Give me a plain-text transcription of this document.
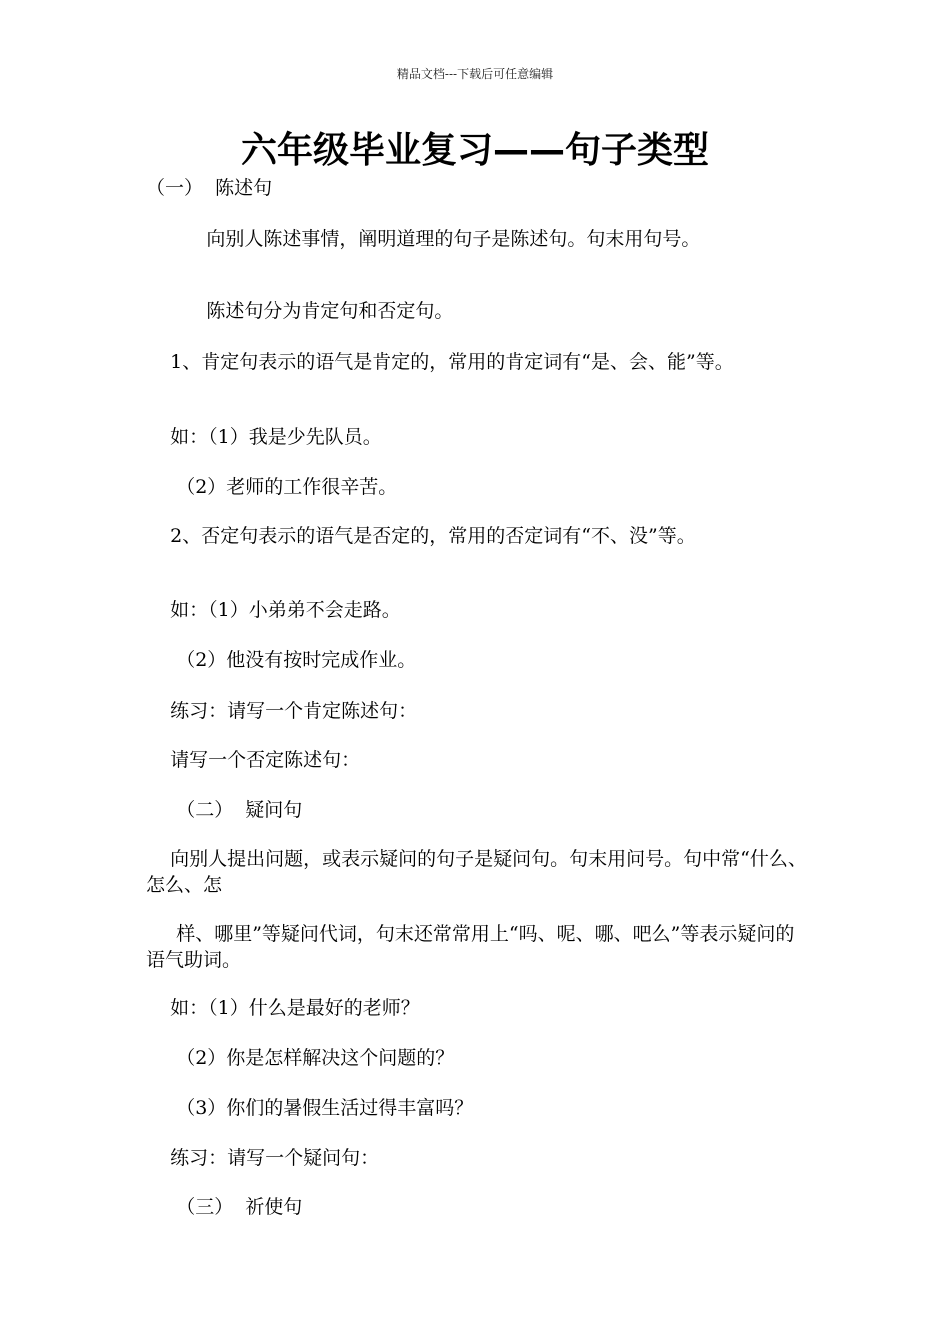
精品文档---下载后可任意编辑
六年级毕业复习——句子类型
（一）  陈述句
向别人陈述事情，阐明道理的句子是陈述句。句末用句号。
陈述句分为肯定句和否定句。
1、肯定句表示的语气是肯定的，常用的肯定词有“是、会、能”等。
如：（1）我是少先队员。
（2）老师的工作很辛苦。
2、否定句表示的语气是否定的，常用的否定词有“不、没”等。
如：（1）小弟弟不会走路。
（2）他没有按时完成作业。
练习：请写一个肯定陈述句：
请写一个否定陈述句：
（二）  疑问句
向别人提出问题，或表示疑问的句子是疑问句。句末用问号。句中常“什么、怎么、怎
样、哪里”等疑问代词，句末还常常用上“吗、呢、哪、吧么”等表示疑问的语气助词。
如：（1）什么是最好的老师？
（2）你是怎样解决这个问题的？
（3）你们的暑假生活过得丰富吗？
练习：请写一个疑问句：
（三）  祈使句
